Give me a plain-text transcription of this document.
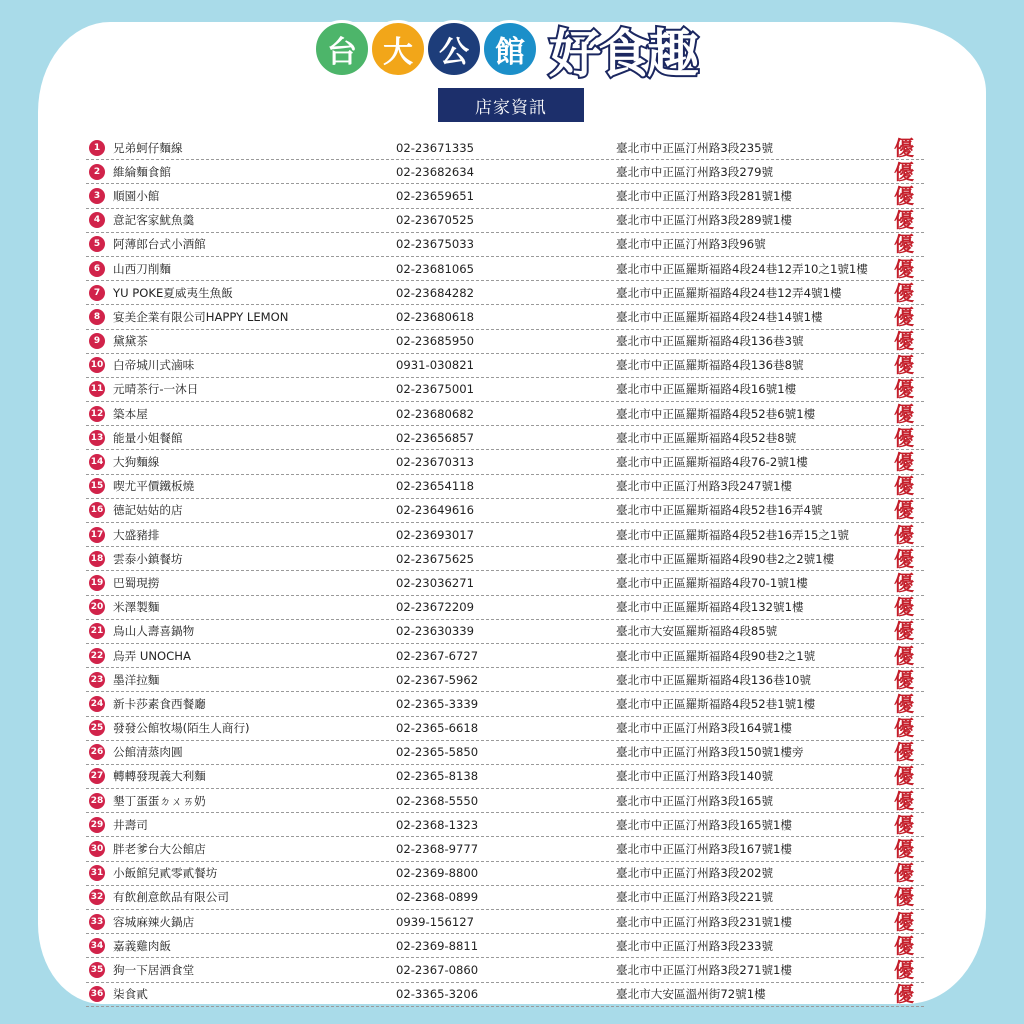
台 大 公 館 好食趣
店家資訊
1	兄弟蚵仔麵線	02-23671335	臺北市中正區汀州路3段235號	優
2	維綸麵食館	02-23682634	臺北市中正區汀州路3段279號	優
3	順園小館	02-23659651	臺北市中正區汀州路3段281號1樓	優
4	意記客家魷魚羹	02-23670525	臺北市中正區汀州路3段289號1樓	優
5	阿薄郎台式小酒館	02-23675033	臺北市中正區汀州路3段96號	優
6	山西刀削麵	02-23681065	臺北市中正區羅斯福路4段24巷12弄10之1號1樓 優
7	YU POKE夏威夷生魚飯	02-23684282	臺北市中正區羅斯福路4段24巷12弄4號1樓	優
8	宴美企業有限公司HAPPY LEMON	02-23680618	臺北市中正區羅斯福路4段24巷14號1樓	優
9	黛黛茶	02-23685950	臺北市中正區羅斯福路4段136巷3號	優
10 白帝城川式滷味	0931-030821	臺北市中正區羅斯福路4段136巷8號	優
11 元晴茶行-一沐日	02-23675001	臺北市中正區羅斯福路4段16號1樓	優
12 築本屋	02-23680682	臺北市中正區羅斯福路4段52巷6號1樓	優
13 能量小姐餐館	02-23656857	臺北市中正區羅斯福路4段52巷8號	優
14 大狗麵線	02-23670313	臺北市中正區羅斯福路4段76-2號1樓	優
15 喫尤平價鐵板燒	02-23654118	臺北市中正區汀州路3段247號1樓	優
16 德記姑姑的店	02-23649616	臺北市中正區羅斯福路4段52巷16弄4號	優
17 大盛豬排	02-23693017	臺北市中正區羅斯福路4段52巷16弄15之1號 優
18 雲泰小鎮餐坊	02-23675625	臺北市中正區羅斯福路4段90巷2之2號1樓	優
19 巴蜀現撈	02-23036271	臺北市中正區羅斯福路4段70-1號1樓	優
20 米澤製麵	02-23672209	臺北市中正區羅斯福路4段132號1樓	優
21 鳥山人壽喜鍋物	02-23630339	臺北市大安區羅斯福路4段85號	優
22 烏弄 UNOCHA	02-2367-6727	臺北市中正區羅斯福路4段90巷2之1號	優
23 墨洋拉麵	02-2367-5962	臺北市中正區羅斯福路4段136巷10號	優
24 新卡莎素食西餐廳	02-2365-3339	臺北市中正區羅斯福路4段52巷1號1樓	優
25 發發公館牧場(陌生人商行)	02-2365-6618	臺北市中正區汀州路3段164號1樓	優
26 公館清蒸肉圓	02-2365-5850	臺北市中正區汀州路3段150號1樓旁	優
27 轉轉發現義大利麵	02-2365-8138	臺北市中正區汀州路3段140號	優
28 墾丁蛋蛋ㄉㄨㄞ奶	02-2368-5550	臺北市中正區汀州路3段165號	優
29 井壽司	02-2368-1323	臺北市中正區汀州路3段165號1樓	優
30 胖老爹台大公館店	02-2368-9777	臺北市中正區汀州路3段167號1樓	優
31 小飯館兒貳零貳餐坊	02-2369-8800	臺北市中正區汀州路3段202號	優
32 有飲創意飲品有限公司	02-2368-0899	臺北市中正區汀州路3段221號	優
33 容城麻辣火鍋店	0939-156127	臺北市中正區汀州路3段231號1樓	優
34 嘉義雞肉飯	02-2369-8811	臺北市中正區汀州路3段233號	優
35 狗一下居酒食堂	02-2367-0860	臺北市中正區汀州路3段271號1樓	優
36 柒食貳	02-3365-3206	臺北市大安區溫州街72號1樓	優
